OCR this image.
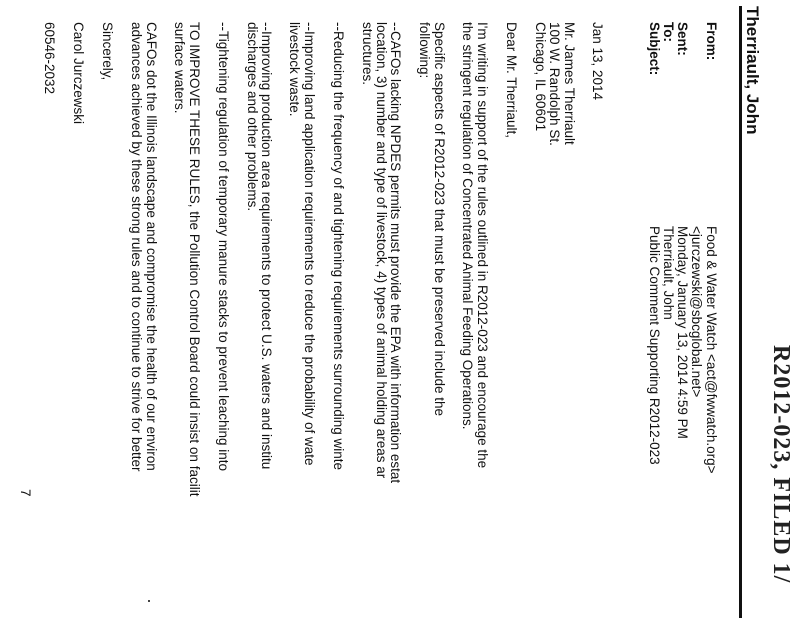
R2012-023, FILED 1/
Therriault, John
From:
Food & Water Watch <act@fwwatch.org>
<jurczewski@sbcglobal.net>
Sent:
Monday, January 13, 2014 4:59 PM
To:
Therriault, John
Subject:
Public Comment Supporting R2012-023
Jan 13, 2014
Mr. James Therriault
100 W. Randolph St.
Chicago, IL 60601
Dear Mr. Therriault,
I'm writing in support of the rules outlined in R2012-023 and encourage the
the stringent regulation of Concentrated Animal Feeding Operations.
Specific aspects of R2012-023 that must be preserved include the
following:
--CAFOs lacking NPDES permits must provide the EPA with information estat
location, 3) number and type of livestock, 4) types of animal holding areas ar
structures.
--Reducing the frequency of and tightening requirements surrounding winte
--Improving land application requirements to reduce the probability of wate
livestock waste.
--Improving production area requirements to protect U.S. waters and institu
discharges and other problems.
--Tightening regulation of temporary manure stacks to prevent leaching into
TO IMPROVE THESE RULES, the Pollution Control Board could insist on facilit
surface waters.
CAFOs dot the Illinois landscape and compromise the health of our environ
advances achieved by these strong rules and to continue to strive for better
Sincerely,
Carol Jurczewski
60546-2032
7
